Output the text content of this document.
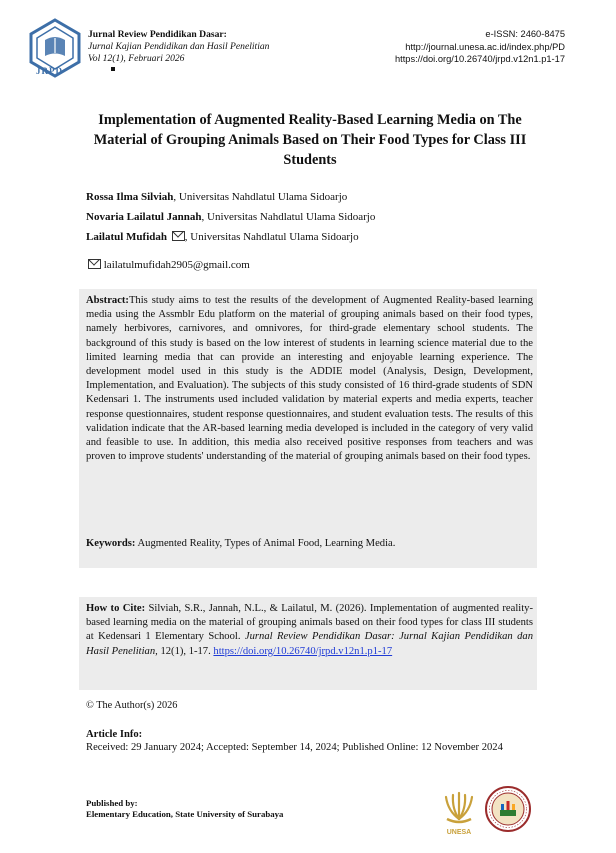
JRPD
Jurnal Review Pendidikan Dasar:
Jurnal Kajian Pendidikan dan Hasil Penelitian
Vol 12(1), Februari 2026
e-ISSN: 2460-8475
http://journal.unesa.ac.id/index.php/PD
https://doi.org/10.26740/jrpd.v12n1.p1-17
Implementation of Augmented Reality-Based Learning Media on The Material of Grouping Animals Based on Their Food Types for Class III Students
Rossa Ilma Silviah, Universitas Nahdlatul Ulama Sidoarjo
Novaria Lailatul Jannah, Universitas Nahdlatul Ulama Sidoarjo
Lailatul Mufidah , Universitas Nahdlatul Ulama Sidoarjo
lailatulmufidah2905@gmail.com
Abstract:This study aims to test the results of the development of Augmented Reality-based learning media using the Assmblr Edu platform on the material of grouping animals based on their food types, namely herbivores, carnivores, and omnivores, for third-grade elementary school students. The background of this study is based on the low interest of students in learning science material due to the limited learning media that can provide an interesting and enjoyable learning experience. The development model used in this study is the ADDIE model (Analysis, Design, Development, Implementation, and Evaluation). The subjects of this study consisted of 16 third-grade students of SDN Kedensari 1. The instruments used included validation by material experts and media experts, teacher response questionnaires, student response questionnaires, and student evaluation tests. The results of this validation indicate that the AR-based learning media developed is included in the category of very valid and feasible to use. In addition, this media also received positive responses from teachers and was proven to improve students' understanding of the material of grouping animals based on their food types.
Keywords: Augmented Reality, Types of Animal Food, Learning Media.
How to Cite: Silviah, S.R., Jannah, N.L., & Lailatul, M. (2026). Implementation of augmented reality-based learning media on the material of grouping animals based on their food types for class III students at Kedensari 1 Elementary School. Jurnal Review Pendidikan Dasar: Jurnal Kajian Pendidikan dan Hasil Penelitian, 12(1), 1-17. https://doi.org/10.26740/jrpd.v12n1.p1-17
© The Author(s) 2026
Article Info:
Received: 29 January 2024; Accepted: September 14, 2024; Published Online: 12 November 2024
Published by:
Elementary Education, State University of Surabaya
UNESA
